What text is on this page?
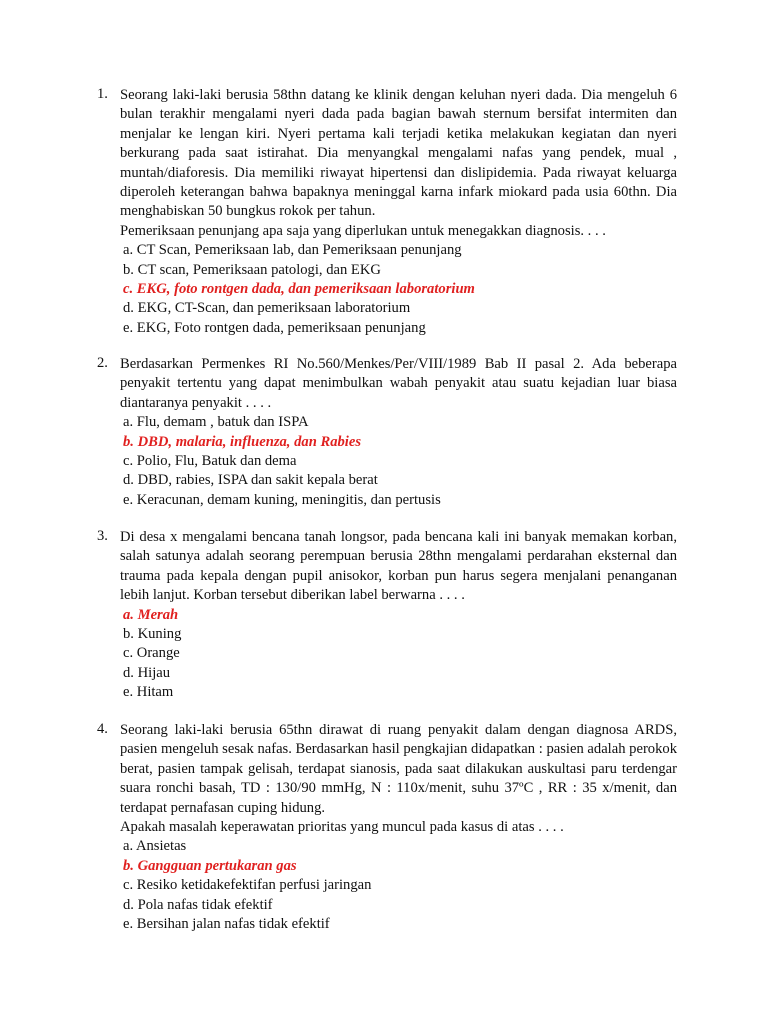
1. Seorang laki-laki berusia 58thn datang ke klinik dengan keluhan nyeri dada. Dia mengeluh 6 bulan terakhir mengalami nyeri dada pada bagian bawah sternum bersifat intermiten dan menjalar ke lengan kiri. Nyeri pertama kali terjadi ketika melakukan kegiatan dan nyeri berkurang pada saat istirahat. Dia menyangkal mengalami nafas yang pendek, mual , muntah/diaforesis. Dia memiliki riwayat hipertensi dan dislipidemia. Pada riwayat keluarga diperoleh keterangan bahwa bapaknya meninggal karna infark miokard pada usia 60thn. Dia menghabiskan 50 bungkus rokok per tahun.
Pemeriksaan penunjang apa saja yang diperlukan untuk menegakkan diagnosis. . . .
a. CT Scan, Pemeriksaan lab, dan Pemeriksaan penunjang
b. CT scan, Pemeriksaan patologi, dan EKG
c. EKG, foto rontgen dada, dan pemeriksaan laboratorium
d. EKG, CT-Scan, dan pemeriksaan laboratorium
e. EKG, Foto rontgen dada, pemeriksaan penunjang
2. Berdasarkan Permenkes RI No.560/Menkes/Per/VIII/1989 Bab II pasal 2. Ada beberapa penyakit tertentu yang dapat menimbulkan wabah penyakit atau suatu kejadian luar biasa diantaranya penyakit . . . .
a. Flu, demam , batuk dan ISPA
b. DBD, malaria, influenza, dan Rabies
c. Polio, Flu, Batuk dan dema
d. DBD, rabies, ISPA dan sakit kepala berat
e. Keracunan, demam kuning, meningitis, dan pertusis
3. Di desa x mengalami bencana tanah longsor, pada bencana kali ini banyak memakan korban, salah satunya adalah seorang perempuan berusia 28thn mengalami perdarahan eksternal dan trauma pada kepala dengan pupil anisokor, korban pun harus segera menjalani penanganan lebih lanjut. Korban tersebut diberikan label berwarna . . . .
a. Merah
b. Kuning
c. Orange
d. Hijau
e. Hitam
4. Seorang laki-laki berusia 65thn dirawat di ruang penyakit dalam dengan diagnosa ARDS, pasien mengeluh sesak nafas. Berdasarkan hasil pengkajian didapatkan : pasien adalah perokok berat, pasien tampak gelisah, terdapat sianosis, pada saat dilakukan auskultasi paru terdengar suara ronchi basah, TD : 130/90 mmHg, N : 110x/menit, suhu 37ºC , RR : 35 x/menit, dan terdapat pernafasan cuping hidung.
Apakah masalah keperawatan prioritas yang muncul pada kasus di atas . . . .
a. Ansietas
b. Gangguan pertukaran gas
c. Resiko ketidakefektifan perfusi jaringan
d. Pola nafas tidak efektif
e. Bersihan jalan nafas tidak efektif
